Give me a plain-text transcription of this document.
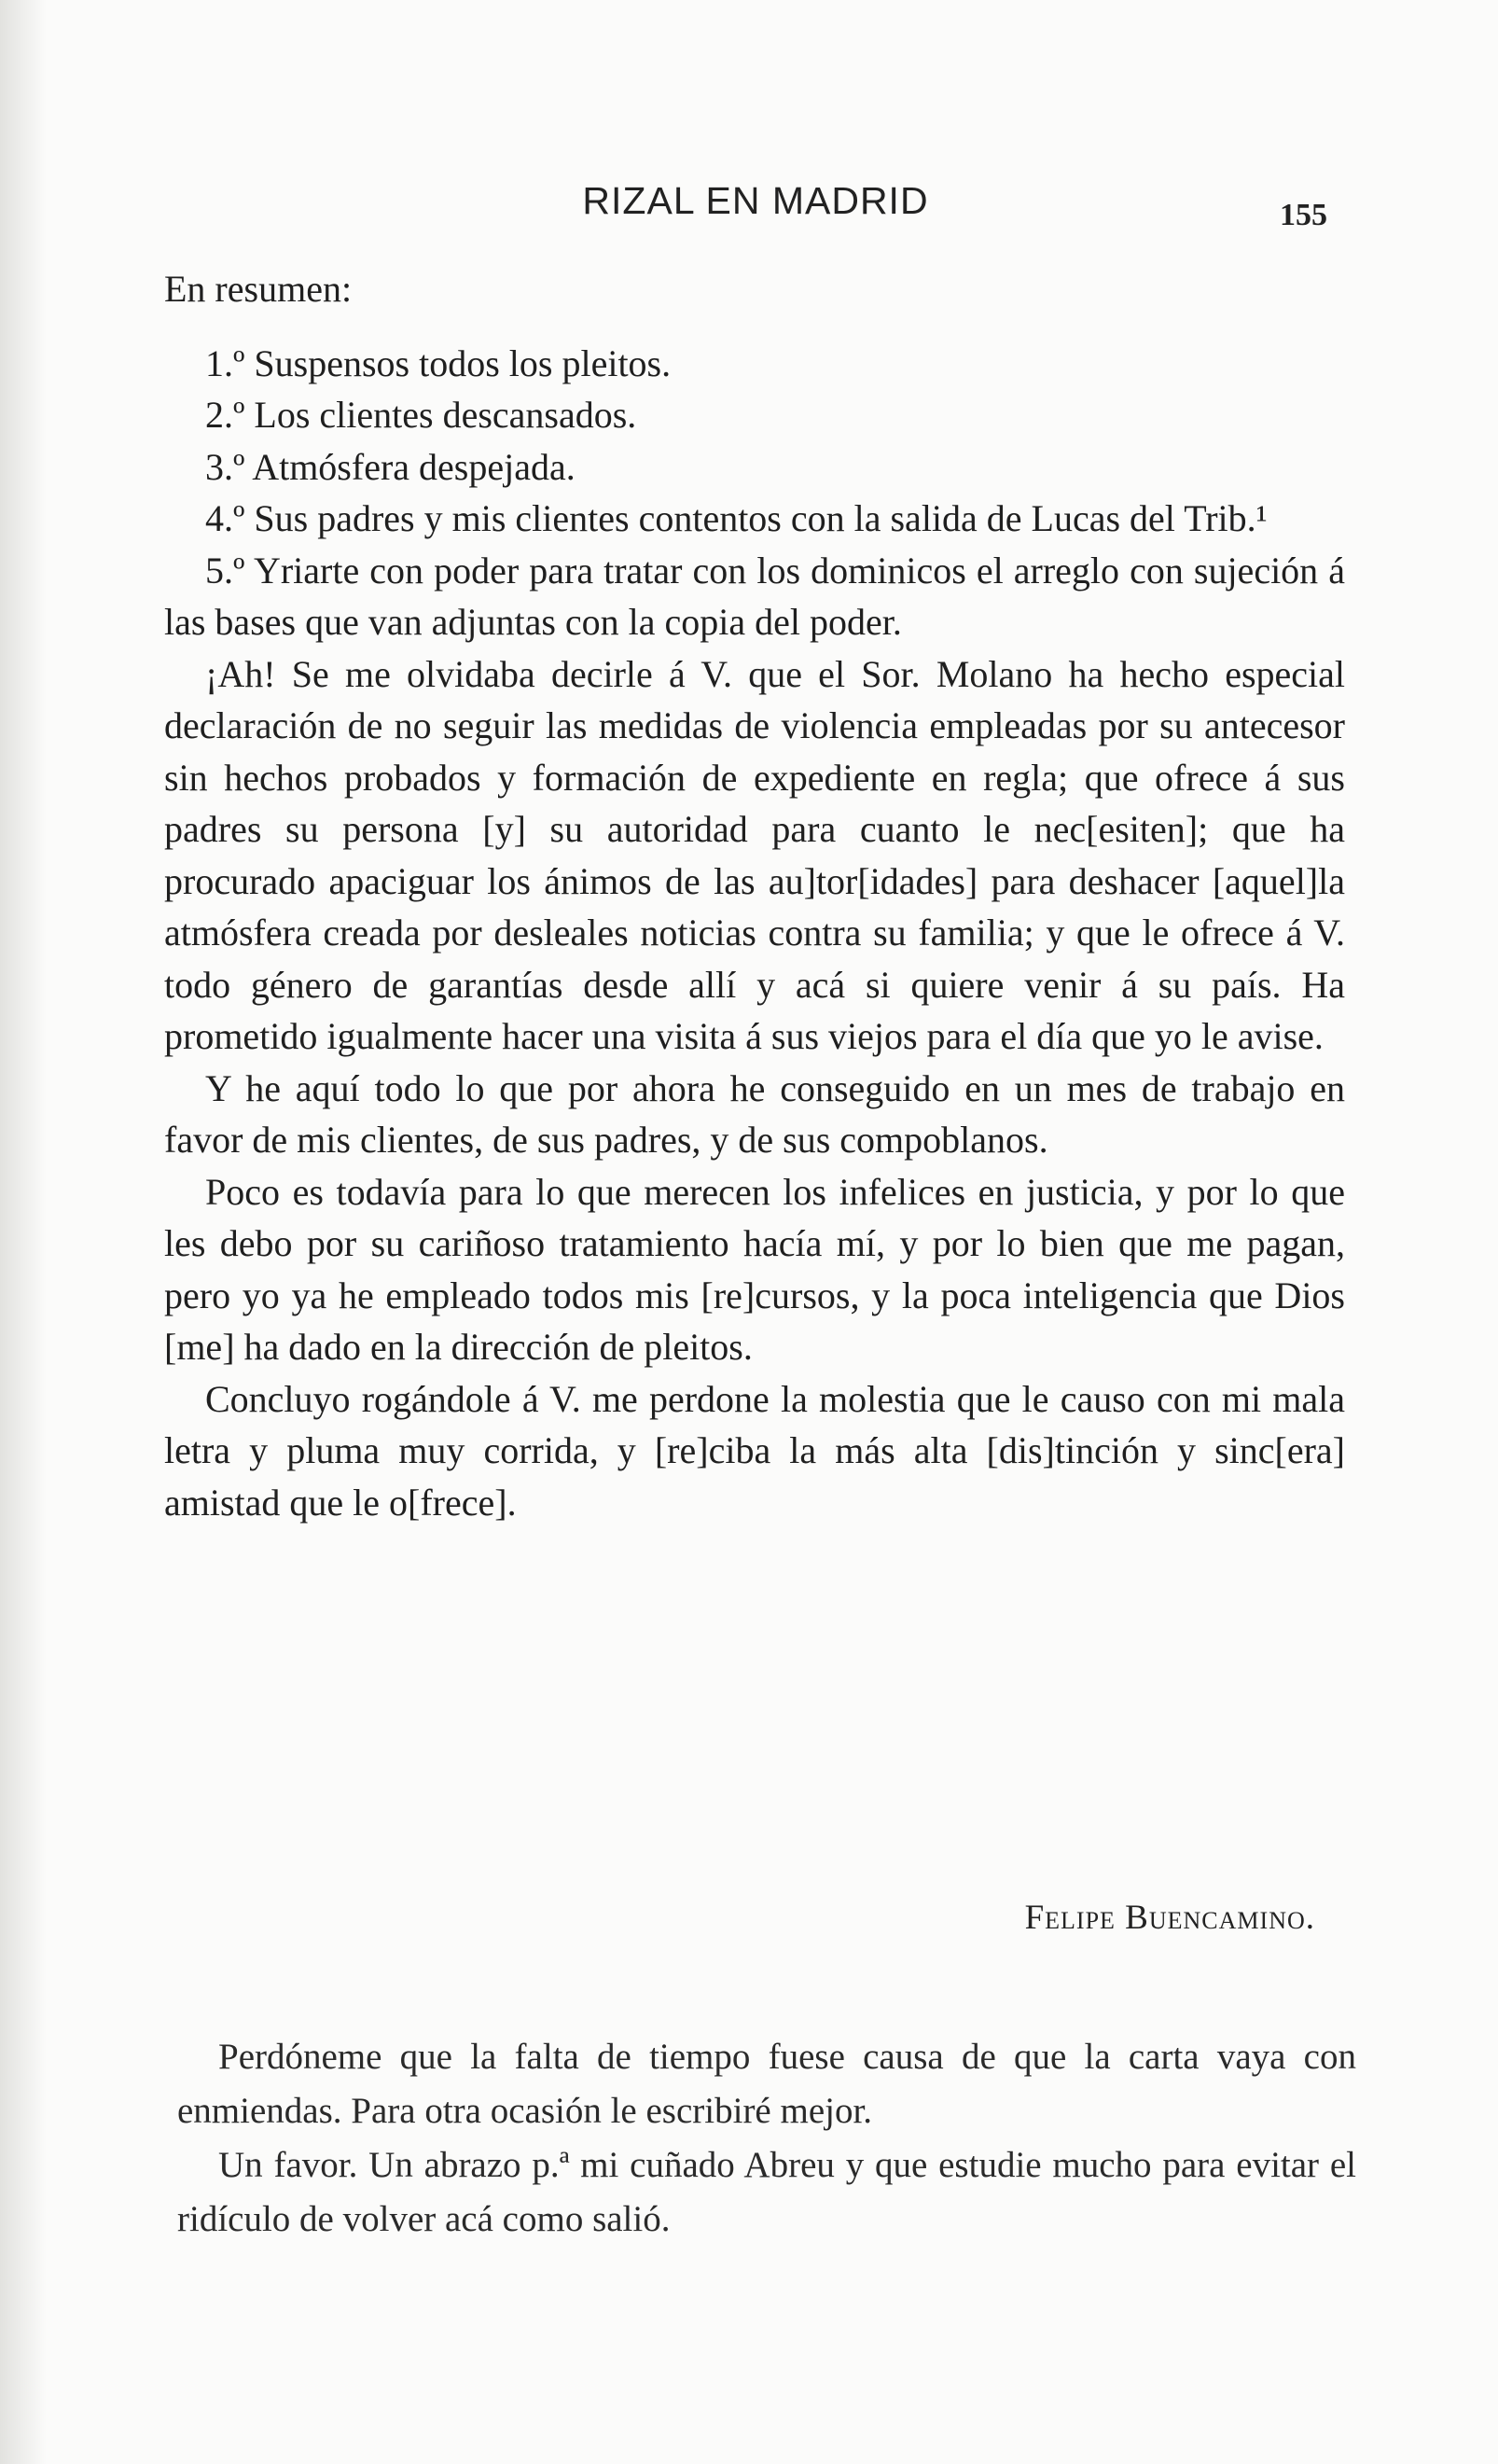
RIZAL EN MADRID	155

En resumen:

1.º Suspensos todos los pleitos.

2.º Los clientes descansados.

3.º Atmósfera despejada.

4.º Sus padres y mis clientes contentos con la salida de Lucas del Trib.¹

5.º Yriarte con poder para tratar con los dominicos el arreglo con sujeción á las bases que van adjuntas con la copia del poder.

¡Ah! Se me olvidaba decirle á V. que el Sor. Molano ha hecho especial declaración de no seguir las medidas de violencia empleadas por su antecesor sin hechos probados y formación de expediente en regla; que ofrece á sus padres su persona [y] su autoridad para cuanto le nec[esiten]; que ha procurado apaciguar los ánimos de las au]tor[idades] para deshacer [aquel]la atmósfera creada por desleales noticias contra su familia; y que le ofrece á V. todo género de garantías desde allí y acá si quiere venir á su país. Ha prometido igualmente hacer una visita á sus viejos para el día que yo le avise.

Y he aquí todo lo que por ahora he conseguido en un mes de trabajo en favor de mis clientes, de sus padres, y de sus compoblanos.

Poco es todavía para lo que merecen los infelices en justicia, y por lo que les debo por su cariñoso tratamiento hacía mí, y por lo bien que me pagan, pero yo ya he empleado todos mis [re]cursos, y la poca inteligencia que Dios [me] ha dado en la dirección de pleitos.

Concluyo rogándole á V. me perdone la molestia que le causo con mi mala letra y pluma muy corrida, y [re]ciba la más alta [dis]tinción y sinc[era] amistad que le o[frece].

Felipe Buencamino.

Perdóneme que la falta de tiempo fuese causa de que la carta vaya con enmiendas. Para otra ocasión le escribiré mejor.

Un favor. Un abrazo p.ª mi cuñado Abreu y que estudie mucho para evitar el ridículo de volver acá como salió.
